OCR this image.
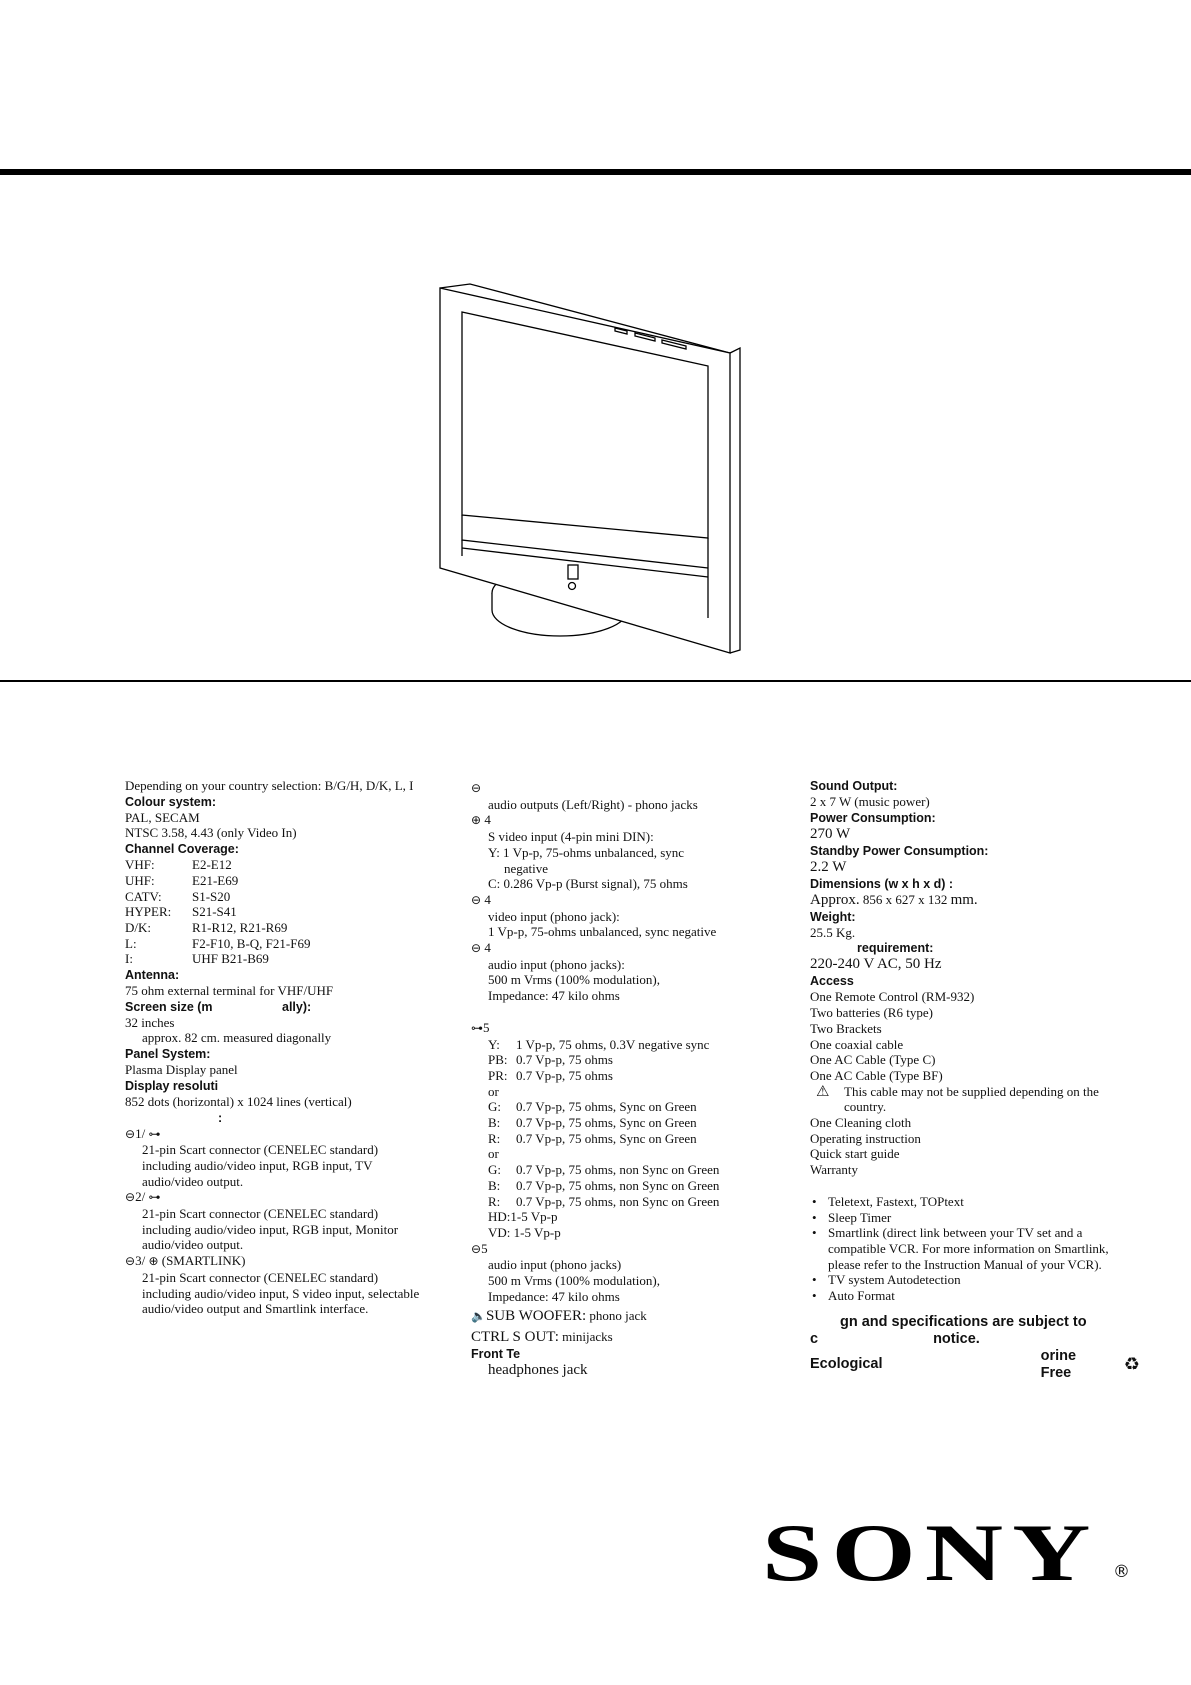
Depending on your country selection: B/G/H, D/K, L, I
Colour system:
PAL, SECAM
NTSC 3.58, 4.43 (only Video In)
Channel Coverage:
VHF:	E2-E12
UHF:	E21-E69
CATV:	S1-S20
HYPER:	S21-S41
D/K:	R1-R12, R21-R69
L:	F2-F10, B-Q, F21-F69
I:	UHF B21-B69
Antenna:
75 ohm external terminal for VHF/UHF
Screen size (m                    ally):
32 inches
approx. 82 cm. measured diagonally
Panel System:
Plasma Display panel
Display resoluti
852 dots (horizontal) x 1024 lines (vertical)
:
⊖1/ ⊶
21-pin Scart connector (CENELEC standard) including audio/video input, RGB input, TV audio/video output.
⊖2/ ⊶
21-pin Scart connector (CENELEC standard) including audio/video input, RGB input, Monitor audio/video output.
⊖3/ ⊕ (SMARTLINK)
21-pin Scart connector (CENELEC standard) including audio/video input, S video input, selectable audio/video output and Smartlink interface.
⊖
audio outputs (Left/Right) - phono jacks
⊕ 4
S video input (4-pin mini DIN):
Y: 1 Vp-p, 75-ohms unbalanced, sync
negative
C: 0.286 Vp-p (Burst signal), 75 ohms
⊖ 4
video input (phono jack):
1 Vp-p, 75-ohms unbalanced, sync negative
⊖ 4
audio input (phono jacks):
500 m Vrms (100% modulation),
Impedance: 47 kilo ohms
⊶5
Y:	1 Vp-p, 75 ohms, 0.3V negative sync
PB: 0.7 Vp-p, 75 ohms
PR: 0.7 Vp-p, 75 ohms
or
G:	0.7 Vp-p, 75 ohms, Sync on Green
B:	0.7 Vp-p, 75 ohms, Sync on Green
R:	0.7 Vp-p, 75 ohms, Sync on Green
or
G:	0.7 Vp-p, 75 ohms, non Sync on Green
B:	0.7 Vp-p, 75 ohms, non Sync on Green
R:	0.7 Vp-p, 75 ohms, non Sync on Green
HD:1-5 Vp-p
VD: 1-5 Vp-p
⊖5
audio input (phono jacks)
500 m Vrms (100% modulation),
Impedance: 47 kilo ohms
🔈SUB WOOFER: phono jack
CTRL S OUT: minijacks
Front Te
headphones jack
Sound Output:
2 x 7 W (music power)
Power Consumption:
270 W
Standby Power Consumption:
2.2 W
Dimensions (w x h x d) :
Approx. 856 x 627 x 132 mm.
Weight:
25.5 Kg.
requirement:
220-240 V AC, 50 Hz
Access
One Remote Control (RM-932)
Two batteries (R6 type)
Two Brackets
One coaxial cable
One AC Cable (Type C)
One AC Cable (Type BF)
⚠	This cable may not be supplied depending on the country.
One Cleaning cloth
Operating instruction
Quick start guide
Warranty
• Teletext, Fastext, TOPtext
• Sleep Timer
• Smartlink (direct link between your TV set and a compatible VCR. For more information on Smartlink, please refer to the Instruction Manual of your VCR).
• TV system Autodetection
• Auto Format
gn and specifications are subject to
c	notice.
Ecological
orine Free	♻
SONY ®
